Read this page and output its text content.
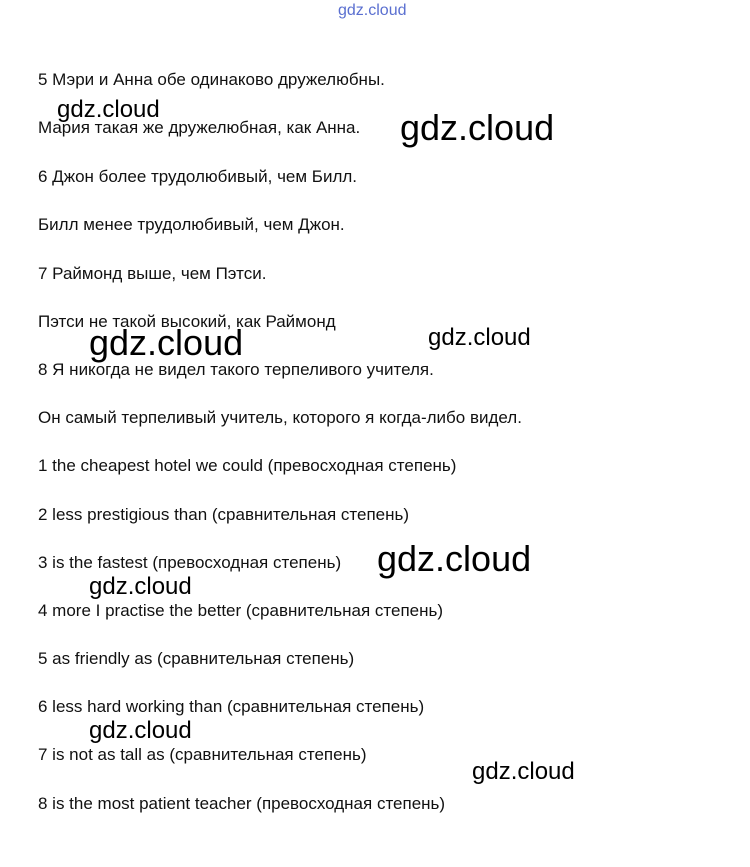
gdz.cloud
5 Мэри и Анна обе одинаково дружелюбны.
Мария такая же дружелюбная, как Анна.
6 Джон более трудолюбивый, чем Билл.
Билл менее трудолюбивый, чем Джон.
7 Раймонд выше, чем Пэтси.
Пэтси не такой высокий, как Раймонд
8 Я никогда не видел такого терпеливого учителя.
Он самый терпеливый учитель, которого я когда-либо видел.
1 the cheapest hotel we could (превосходная степень)
2 less prestigious than (сравнительная степень)
3 is the fastest (превосходная степень)
4 more I practise the better (сравнительная степень)
5 as friendly as (сравнительная степень)
6 less hard working than (сравнительная степень)
7 is not as tall as (сравнительная степень)
8 is the most patient teacher (превосходная степень)
gdz.cloud	gdz.cloud
gdz.cloud	gdz.cloud
gdz.cloud
gdz.cloud
gdz.cloud
gdz.cloud
